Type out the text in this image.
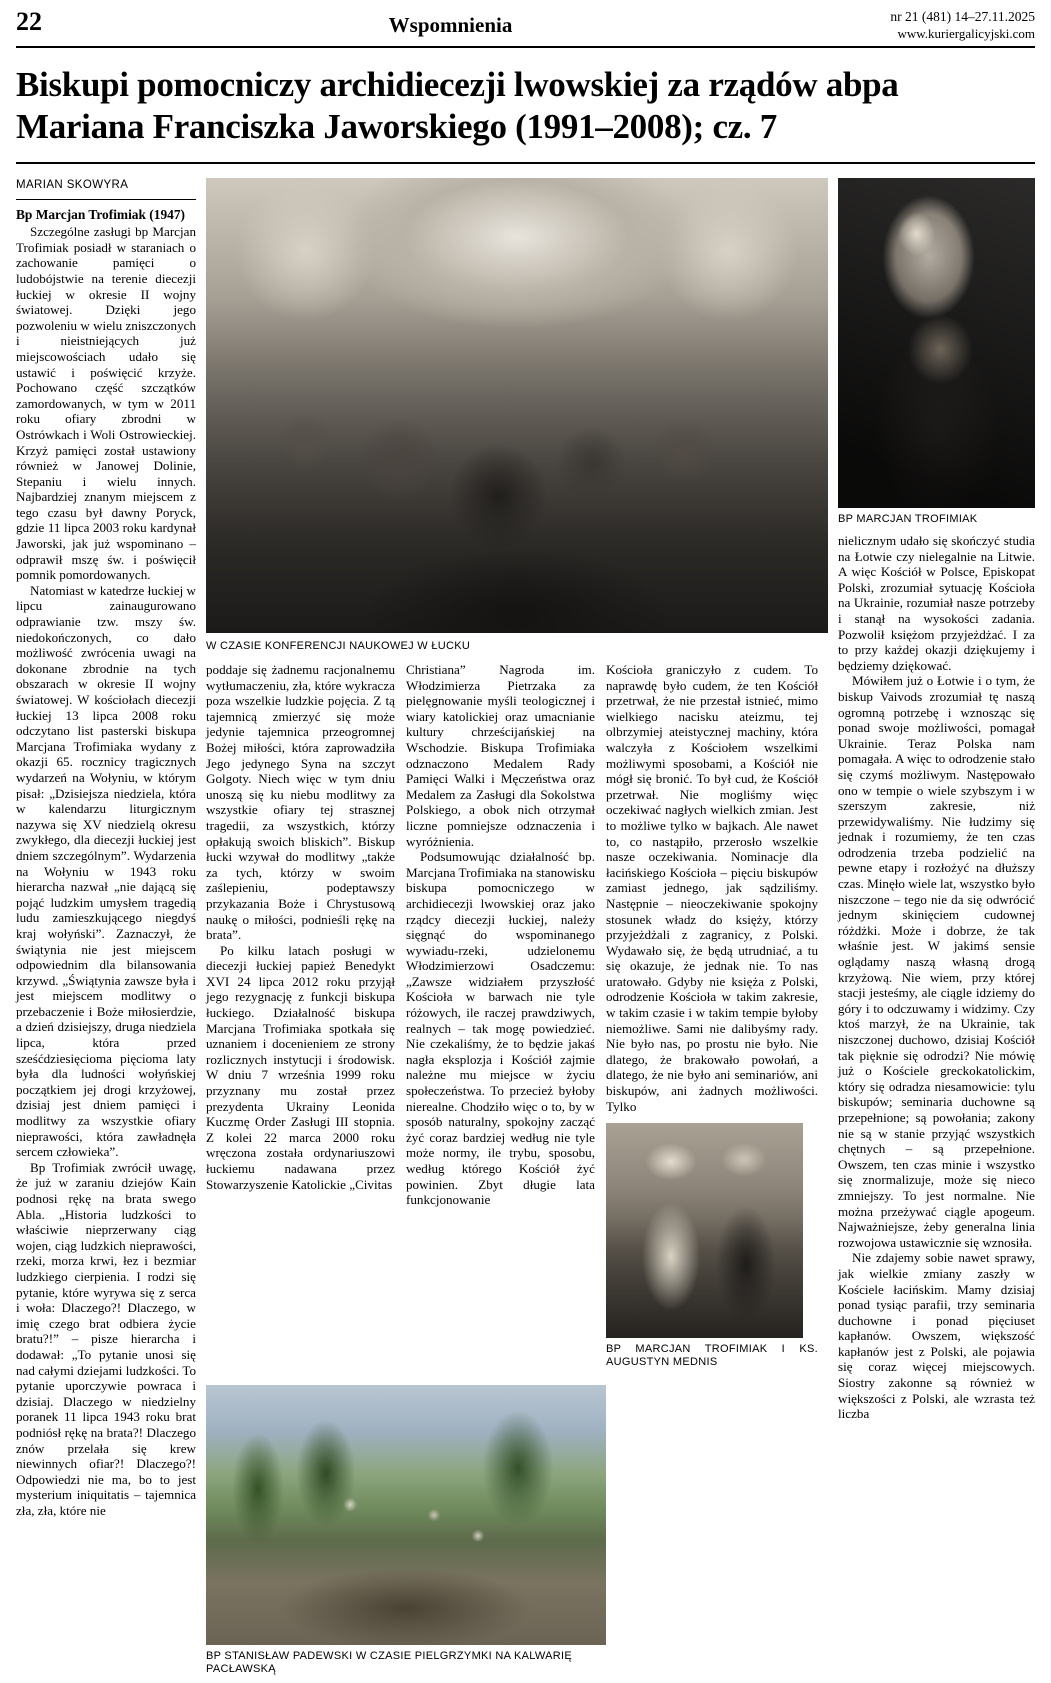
22	Wspomnienia	nr 21 (481) 14–27.11.2025
www.kuriergalicyjski.com
Biskupi pomocniczy archidiecezji lwowskiej za rządów abpa Mariana Franciszka Jaworskiego (1991–2008); cz. 7
MARIAN SKOWYRA
Bp Marcjan Trofimiak (1947)

Szczególne zasługi bp Marcjan Trofimiak posiadł w staraniach o zachowanie pamięci o ludobójstwie na terenie diecezji łuckiej w okresie II wojny światowej. Dzięki jego pozwoleniu w wielu zniszczonych i nieistniejących już miejscowościach udało się ustawić i poświęcić krzyże. Pochowano część szczątków zamordowanych, w tym w 2011 roku ofiary zbrodni w Ostrówkach i Woli Ostrowieckiej. Krzyż pamięci został ustawiony również w Janowej Dolinie, Stepaniu i wielu innych. Najbardziej znanym miejscem z tego czasu był dawny Poryck, gdzie 11 lipca 2003 roku kardynał Jaworski, jak już wspominano – odprawił mszę św. i poświęcił pomnik pomordowanych.

Natomiast w katedrze łuckiej w lipcu zainaugurowano odprawianie tzw. mszy św. niedokończonych, co dało możliwość zwrócenia uwagi na dokonane zbrodnie na tych obszarach w okresie II wojny światowej. W kościołach diecezji łuckiej 13 lipca 2008 roku odczytano list pasterski biskupa Marcjana Trofimiaka wydany z okazji 65. rocznicy tragicznych wydarzeń na Wołyniu, w którym pisał: „Dzisiejsza niedziela, która w kalendarzu liturgicznym nazywa się XV niedzielą okresu zwykłego, dla diecezji łuckiej jest dniem szczególnym”. Wydarzenia na Wołyniu w 1943 roku hierarcha nazwał „nie dającą się pojąć ludzkim umysłem tragedią ludu zamieszkującego niegdyś kraj wołyński”. Zaznaczył, że świątynia nie jest miejscem odpowiednim dla bilansowania krzywd. „Świątynia zawsze była i jest miejscem modlitwy o przebaczenie i Boże miłosierdzie, a dzień dzisiejszy, druga niedziela lipca, która przed sześćdziesięcioma pięcioma laty była dla ludności wołyńskiej początkiem jej drogi krzyżowej, dzisiaj jest dniem pamięci i modlitwy za wszystkie ofiary nieprawości, która zawładnęła sercem człowieka”.

Bp Trofimiak zwrócił uwagę, że już w zaraniu dziejów Kain podnosi rękę na brata swego Abla. „Historia ludzkości to właściwie nieprzerwany ciąg wojen, ciąg ludzkich nieprawości, rzeki, morza krwi, łez i bezmiar ludzkiego cierpienia. I rodzi się pytanie, które wyrywa się z serca i woła: Dlaczego?! Dlaczego, w imię czego brat odbiera życie bratu?!” – pisze hierarcha i dodawał: „To pytanie unosi się nad całymi dziejami ludzkości. To pytanie uporczywie powraca i dzisiaj. Dlaczego w niedzielny poranek 11 lipca 1943 roku brat podniósł rękę na brata?! Dlaczego znów przelała się krew niewinnych ofiar?! Dlaczego?! Odpowiedzi nie ma, bo to jest mysterium iniquitatis – tajemnica zła, zła, które nie

W CZASIE KONFERENCJI NAUKOWEJ W ŁUCKU

poddaje się żadnemu racjonalnemu wytłumaczeniu, zła, które wykracza poza wszelkie ludzkie pojęcia. Z tą tajemnicą zmierzyć się może jedynie tajemnica przeogromnej Bożej miłości, która zaprowadziła Jego jedynego Syna na szczyt Golgoty. Niech więc w tym dniu unoszą się ku niebu modlitwy za wszystkie ofiary tej strasznej tragedii, za wszystkich, którzy opłakują swoich bliskich”. Biskup łucki wzywał do modlitwy „także za tych, którzy w swoim zaślepieniu, podeptawszy przykazania Boże i Chrystusową naukę o miłości, podnieśli rękę na brata”.

Po kilku latach posługi w diecezji łuckiej papież Benedykt XVI 24 lipca 2012 roku przyjął jego rezygnację z funkcji biskupa łuckiego. Działalność biskupa Marcjana Trofimiaka spotkała się uznaniem i docenieniem ze strony rozlicznych instytucji i środowisk. W dniu 7 września 1999 roku przyznany mu został przez prezydenta Ukrainy Leonida Kuczmę Order Zasługi III stopnia. Z kolei 22 marca 2000 roku wręczona została ordynariuszowi łuckiemu nadawana przez Stowarzyszenie Katolickie „Civitas

Christiana” Nagroda im. Włodzimierza Pietrzaka za pielęgnowanie myśli teologicznej i wiary katolickiej oraz umacnianie kultury chrześcijańskiej na Wschodzie. Biskupa Trofimiaka odznaczono Medalem Rady Pamięci Walki i Męczeństwa oraz Medalem za Zasługi dla Sokolstwa Polskiego, a obok nich otrzymał liczne pomniejsze odznaczenia i wyróżnienia.

Podsumowując działalność bp. Marcjana Trofimiaka na stanowisku biskupa pomocniczego w archidiecezji lwowskiej oraz jako rządcy diecezji łuckiej, należy sięgnąć do wspominanego wywiadu-rzeki, udzielonemu Włodzimierzowi Osadczemu: „Zawsze widziałem przyszłość Kościoła w barwach nie tyle różowych, ile raczej prawdziwych, realnych – tak mogę powiedzieć. Nie czekaliśmy, że to będzie jakaś nagła eksplozja i Kościół zajmie należne mu miejsce w życiu społeczeństwa. To przecież byłoby nierealne. Chodziło więc o to, by w sposób naturalny, spokojny zacząć żyć coraz bardziej według nie tyle może normy, ile trybu, sposobu, według którego Kościół żyć powinien. Zbyt długie lata funkcjonowanie

Kościoła graniczyło z cudem. To naprawdę było cudem, że ten Kościół przetrwał, że nie przestał istnieć, mimo wielkiego nacisku ateizmu, tej olbrzymiej ateistycznej machiny, która walczyła z Kościołem wszelkimi możliwymi sposobami, a Kościół nie mógł się bronić. To był cud, że Kościół przetrwał. Nie mogliśmy więc oczekiwać nagłych wielkich zmian. Jest to możliwe tylko w bajkach. Ale nawet to, co nastąpiło, przerosło wszelkie nasze oczekiwania. Nominacje dla łacińskiego Kościoła – pięciu biskupów zamiast jednego, jak sądziliśmy. Następnie – nieoczekiwanie spokojny stosunek władz do księży, którzy przyjeżdżali z zagranicy, z Polski. Wydawało się, że będą utrudniać, a tu się okazuje, że jednak nie. To nas uratowało. Gdyby nie księża z Polski, odrodzenie Kościoła w takim zakresie, w takim czasie i w takim tempie byłoby niemożliwe. Sami nie dalibyśmy rady. Nie było nas, po prostu nie było. Nie dlatego, że brakowało powołań, a dlatego, że nie było ani seminariów, ani biskupów, ani żadnych możliwości. Tylko

BP MARCJAN TROFIMIAK I KS. AUGUSTYN MEDNIS
BP STANISŁAW PADEWSKI W CZASIE PIELGRZYMKI NA KALWARIĘ PACŁAWSKĄ
BP MARCJAN TROFIMIAK

nielicznym udało się skończyć studia na Łotwie czy nielegalnie na Litwie. A więc Kościół w Polsce, Episkopat Polski, zrozumiał sytuację Kościoła na Ukrainie, rozumiał nasze potrzeby i stanął na wysokości zadania. Pozwolił księżom przyjeżdżać. I za to przy każdej okazji dziękujemy i będziemy dziękować.

Mówiłem już o Łotwie i o tym, że biskup Vaivods zrozumiał tę naszą ogromną potrzebę i wznosząc się ponad swoje możliwości, pomagał Ukrainie. Teraz Polska nam pomagała. A więc to odrodzenie stało się czymś możliwym. Następowało ono w tempie o wiele szybszym i w szerszym zakresie, niż przewidywaliśmy. Nie łudzimy się jednak i rozumiemy, że ten czas odrodzenia trzeba podzielić na pewne etapy i rozłożyć na dłuższy czas. Minęło wiele lat, wszystko było niszczone – tego nie da się odwrócić jednym skinięciem cudownej różdżki. Może i dobrze, że tak właśnie jest. W jakimś sensie oglądamy naszą własną drogą krzyżową. Nie wiem, przy której stacji jesteśmy, ale ciągle idziemy do góry i to odczuwamy i widzimy. Czy ktoś marzył, że na Ukrainie, tak niszczonej duchowo, dzisiaj Kościół tak pięknie się odrodzi? Nie mówię już o Kościele greckokatolickim, który się odradza niesamowicie: tylu biskupów; seminaria duchowne są przepełnione; są powołania; zakony nie są w stanie przyjąć wszystkich chętnych – są przepełnione. Owszem, ten czas minie i wszystko się znormalizuje, może się nieco zmniejszy. To jest normalne. Nie można przeżywać ciągle apogeum. Najważniejsze, żeby generalna linia rozwojowa ustawicznie się wznosiła.

Nie zdajemy sobie nawet sprawy, jak wielkie zmiany zaszły w Kościele łacińskim. Mamy dzisiaj ponad tysiąc parafii, trzy seminaria duchowne i ponad pięciuset kapłanów. Owszem, większość kapłanów jest z Polski, ale pojawia się coraz więcej miejscowych. Siostry zakonne są również w większości z Polski, ale wzrasta też liczba
